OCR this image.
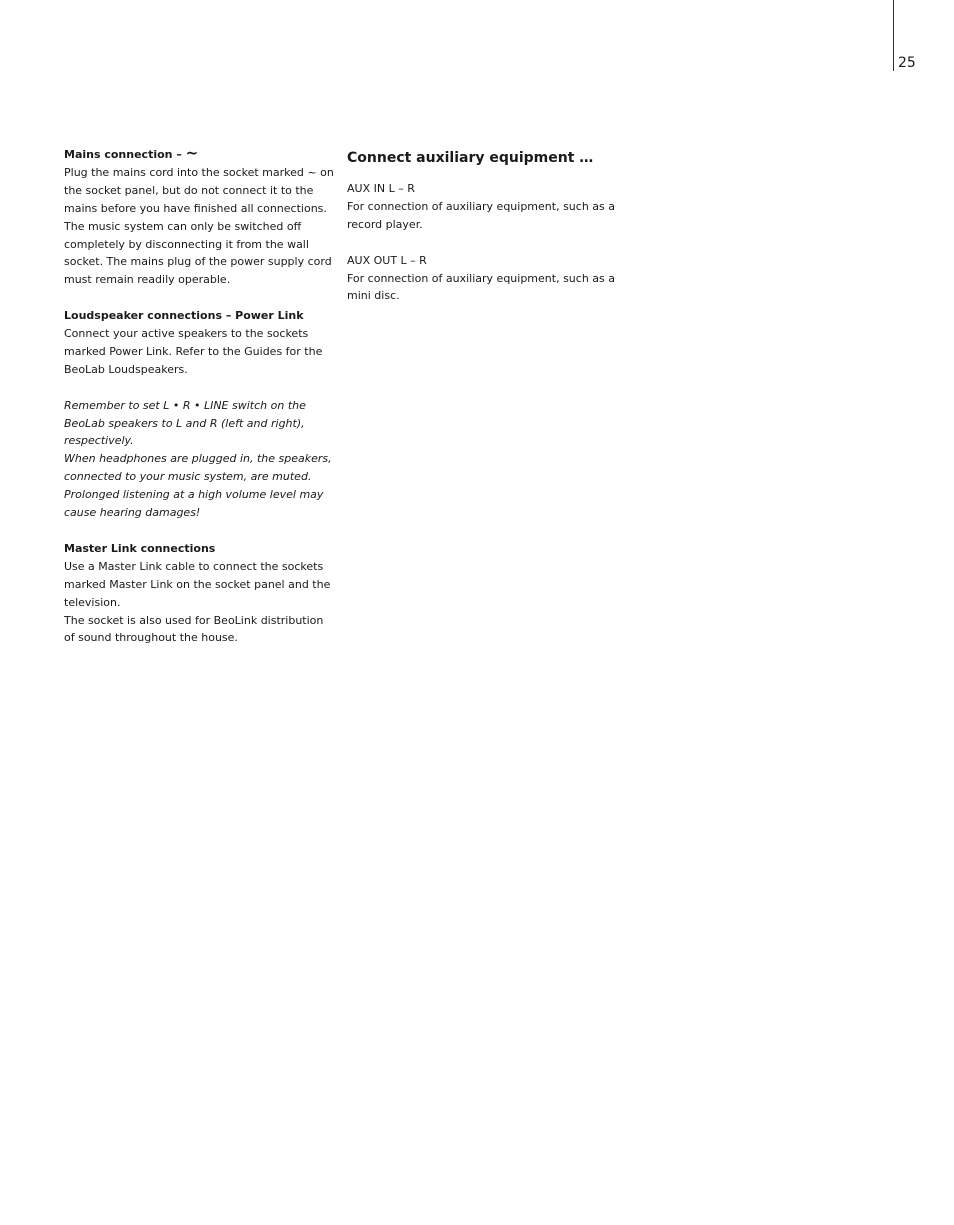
25
Mains connection – ~
Plug the mains cord into the socket marked ~ on the socket panel, but do not connect it to the mains before you have finished all connections. The music system can only be switched off completely by disconnecting it from the wall socket. The mains plug of the power supply cord must remain readily operable.
Loudspeaker connections – Power Link
Connect your active speakers to the sockets marked Power Link. Refer to the Guides for the BeoLab Loudspeakers.
Remember to set L • R • LINE switch on the BeoLab speakers to L and R (left and right), respectively.
When headphones are plugged in, the speakers, connected to your music system, are muted. Prolonged listening at a high volume level may cause hearing damages!
Master Link connections
Use a Master Link cable to connect the sockets marked Master Link on the socket panel and the television.
The socket is also used for BeoLink distribution of sound throughout the house.
Connect auxiliary equipment …
AUX IN L – R
For connection of auxiliary equipment, such as a record player.
AUX OUT L – R
For connection of auxiliary equipment, such as a mini disc.
